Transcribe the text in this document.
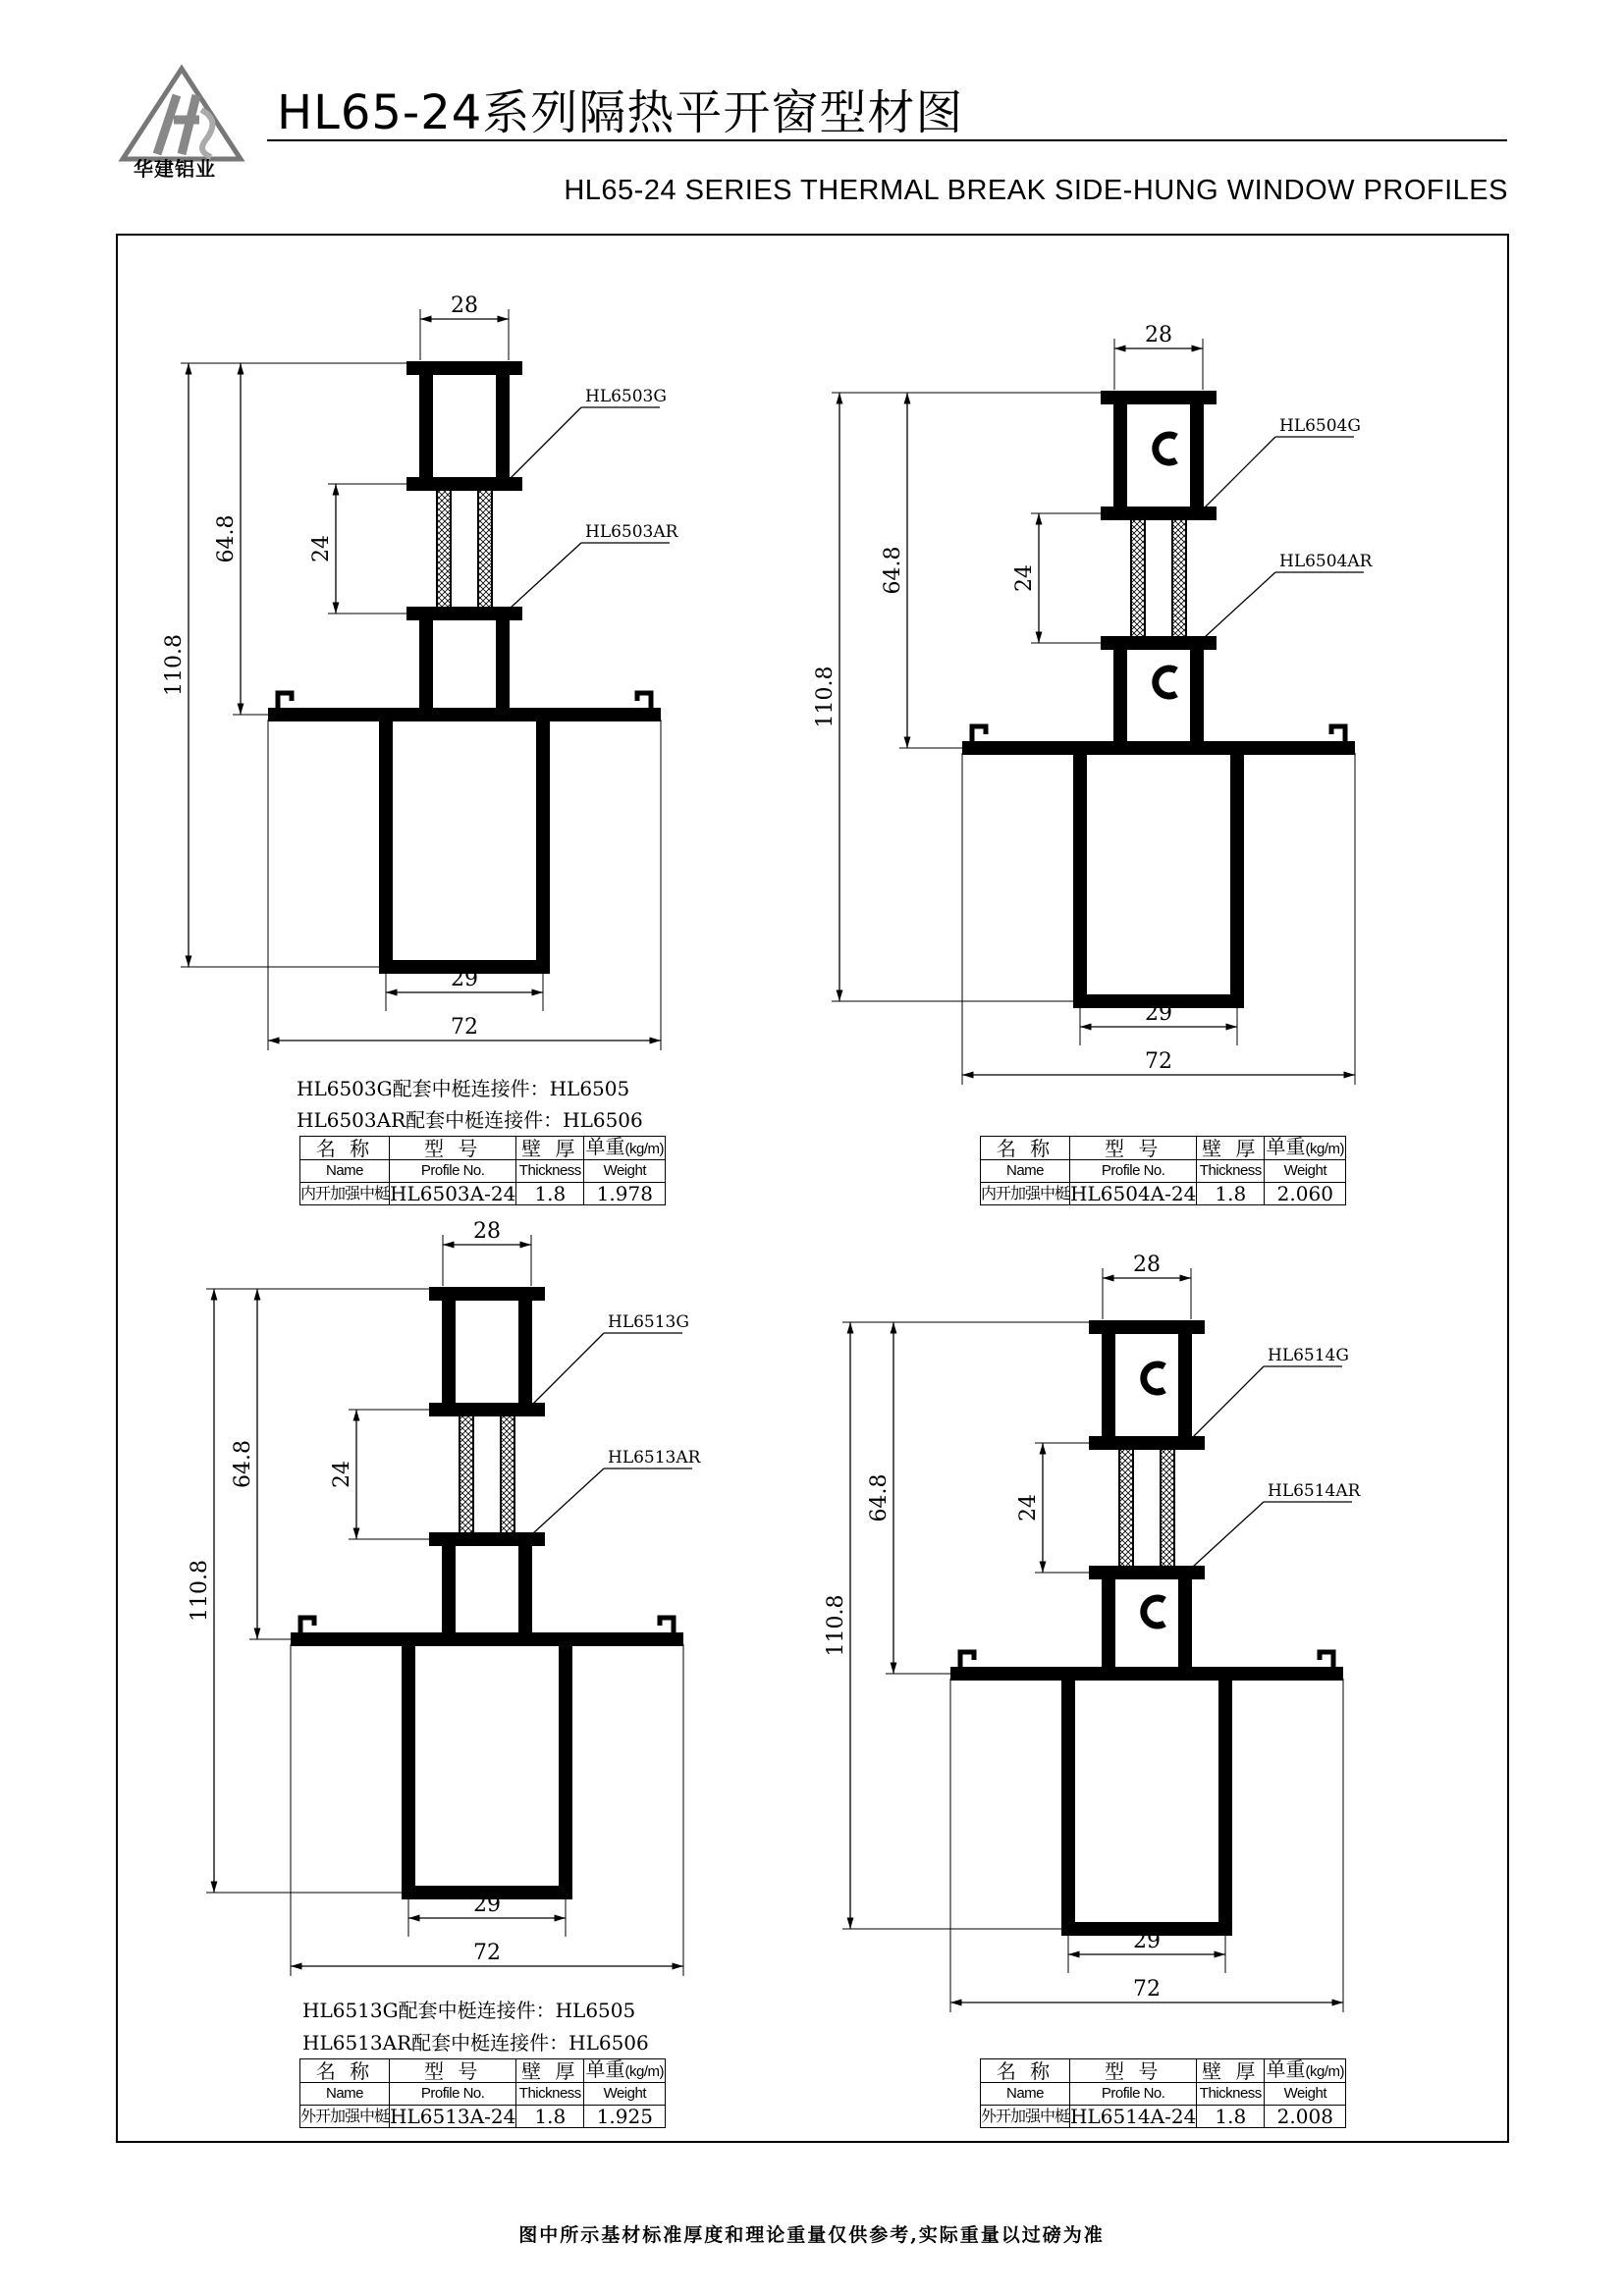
华建铝业
HL65-24系列隔热平开窗型材图
HL65-24 SERIES THERMAL BREAK SIDE-HUNG WINDOW PROFILES
110.8
64.8	24
28
29
72
HL6503G
HL6503AR
110.8
64.8	24
28
29
72
HL6504G
HL6504AR
110.8
64.8	24
28
29
72
HL6513G
HL6513AR
110.8
64.8	24
28
29
72
HL6514G
HL6514AR
HL6503G配套中梃连接件：HL6505
HL6503AR配套中梃连接件：HL6506
HL6513G配套中梃连接件：HL6505
HL6513AR配套中梃连接件：HL6506
名 称	型 号	壁 厚	单重(kg/m)
Name	Profile No.	Thickness	Weight
内开加强中梃	HL6503A-24	1.8	1.978
名 称	型 号	壁 厚	单重(kg/m)
Name	Profile No.	Thickness	Weight
内开加强中梃	HL6504A-24	1.8	2.060
名 称	型 号	壁 厚	单重(kg/m)
Name	Profile No.	Thickness	Weight
外开加强中梃	HL6513A-24	1.8	1.925
名 称	型 号	壁 厚	单重(kg/m)
Name	Profile No.	Thickness	Weight
外开加强中梃	HL6514A-24	1.8	2.008
图中所示基材标准厚度和理论重量仅供参考,实际重量以过磅为准
